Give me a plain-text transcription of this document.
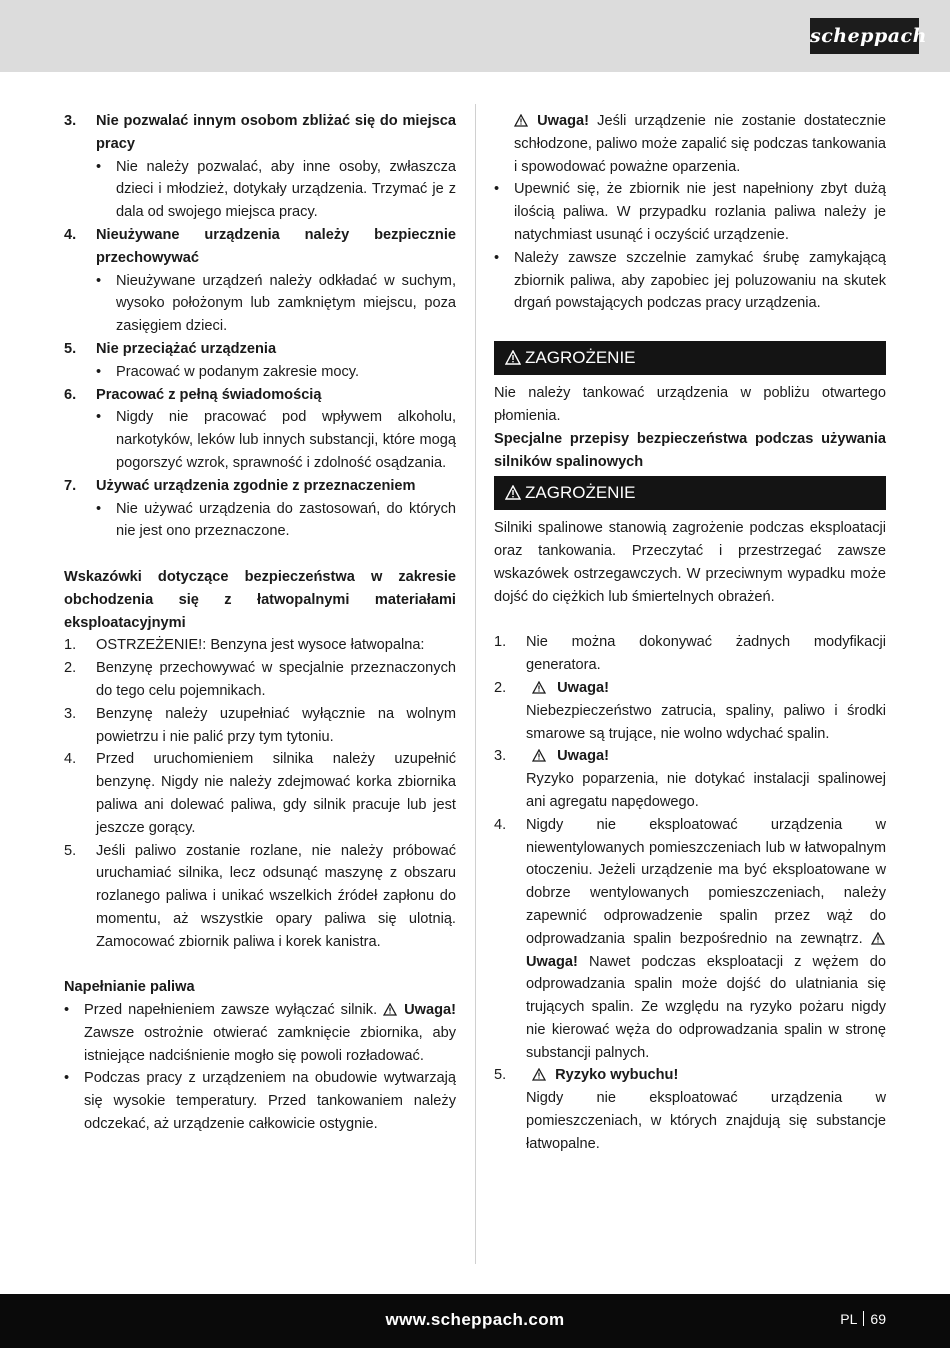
scheppach
3.	Nie pozwalać innym osobom zbliżać się do miejsca pracy
•	Nie należy pozwalać, aby inne osoby, zwłaszcza dzieci i młodzież, dotykały urządzenia. Trzymać je z dala od swojego miejsca pracy.
4.	Nieużywane urządzenia należy bezpiecznie przechowywać
•	Nieużywane urządzeń należy odkładać w suchym, wysoko położonym lub zamkniętym miejscu, poza zasięgiem dzieci.
5.	Nie przeciążać urządzenia
•	Pracować w podanym zakresie mocy.
6.	Pracować z pełną świadomością
•	Nigdy nie pracować pod wpływem alkoholu, narkotyków, leków lub innych substancji, które mogą pogorszyć wzrok, sprawność i zdolność osądzania.
7.	Używać urządzenia zgodnie z przeznaczeniem
•	Nie używać urządzenia do zastosowań, do których nie jest ono przeznaczone.

Wskazówki dotyczące bezpieczeństwa w zakresie obchodzenia się z łatwopalnymi materiałami eksploatacyjnymi

1.	OSTRZEŻENIE!: Benzyna jest wysoce łatwopalna:
2.	Benzynę przechowywać w specjalnie przeznaczonych do tego celu pojemnikach.
3.	Benzynę należy uzupełniać wyłącznie na wolnym powietrzu i nie palić przy tym tytoniu.
4.	Przed uruchomieniem silnika należy uzupełnić benzynę. Nigdy nie należy zdejmować korka zbiornika paliwa ani dolewać paliwa, gdy silnik pracuje lub jest jeszcze gorący.
5.	Jeśli paliwo zostanie rozlane, nie należy próbować uruchamiać silnika, lecz odsunąć maszynę z obszaru rozlanego paliwa i unikać wszelkich źródeł zapłonu do momentu, aż wszystkie opary paliwa się ulotnią. Zamocować zbiornik paliwa i korek kanistra.

Napełnianie paliwa

•	Przed napełnieniem zawsze wyłączać silnik. Uwaga! Zawsze ostrożnie otwierać zamknięcie zbiornika, aby istniejące nadciśnienie mogło się powoli rozładować.
•	Podczas pracy z urządzeniem na obudowie wytwarzają się wysokie temperatury. Przed tankowaniem należy odczekać, aż urządzenie całkowicie ostygnie.

Uwaga! Jeśli urządzenie nie zostanie dostatecznie schłodzone, paliwo może zapalić się podczas tankowania i spowodować poważne oparzenia.

•	Upewnić się, że zbiornik nie jest napełniony zbyt dużą ilością paliwa. W przypadku rozlania paliwa należy je natychmiast usunąć i oczyścić urządzenie.
•	Należy zawsze szczelnie zamykać śrubę zamykającą zbiornik paliwa, aby zapobiec jej poluzowaniu na skutek drgań powstających podczas pracy urządzenia.
ZAGROŻENIE

Nie należy tankować urządzenia w pobliżu otwartego płomienia.

Specjalne przepisy bezpieczeństwa podczas używania silników spalinowych

ZAGROŻENIE

Silniki spalinowe stanowią zagrożenie podczas eksploatacji oraz tankowania. Przeczytać i przestrzegać zawsze wskazówek ostrzegawczych. W przeciwnym wypadku może dojść do ciężkich lub śmiertelnych obrażeń.

1.	Nie można dokonywać żadnych modyfikacji generatora.
2.	Uwaga!
Niebezpieczeństwo zatrucia, spaliny, paliwo i środki smarowe są trujące, nie wolno wdychać spalin.
3.	Uwaga!
Ryzyko poparzenia, nie dotykać instalacji spalinowej ani agregatu napędowego.
4.	Nigdy nie eksploatować urządzenia w niewentylowanych pomieszczeniach lub w łatwopalnym otoczeniu. Jeżeli urządzenie ma być eksploatowane w dobrze wentylowanych pomieszczeniach, należy zapewnić odprowadzenie spalin przez wąż do odprowadzania spalin bezpośrednio na zewnątrz.  Uwaga! Nawet podczas eksploatacji z wężem do odprowadzania spalin może dojść do ulatniania się trujących spalin. Ze względu na ryzyko pożaru nigdy nie kierować węża do odprowadzania spalin w stronę substancji palnych.
5.	Ryzyko wybuchu!
Nigdy nie eksploatować urządzenia w pomieszczeniach, w których znajdują się substancje łatwopalne.
www.scheppach.com	PL 69
